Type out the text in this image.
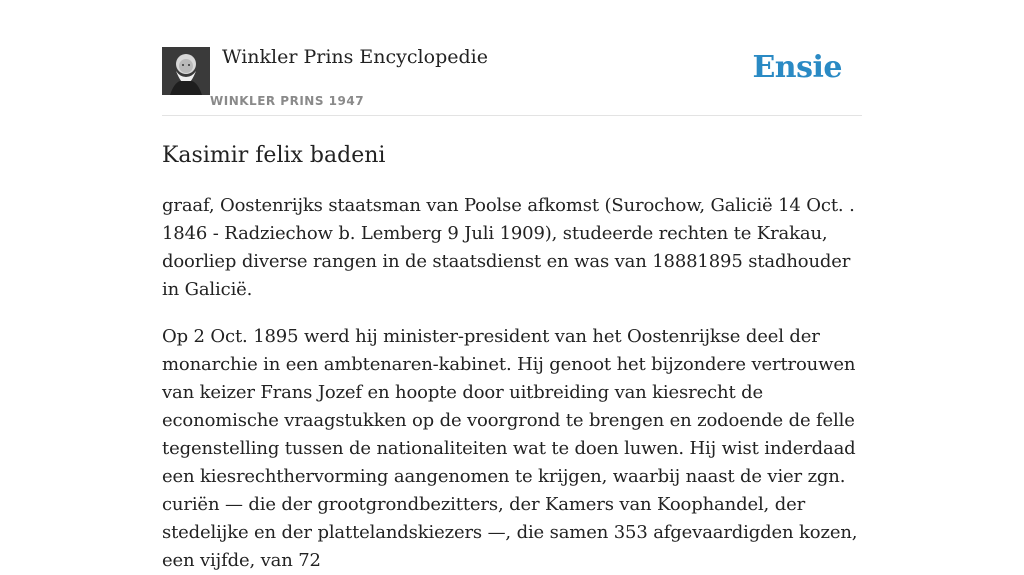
Winkler Prins Encyclopedie
WINKLER PRINS 1947
Ensie
Kasimir felix badeni

graaf, Oostenrijks staatsman van Poolse afkomst (Surochow, Galicië 14 Oct. . 1846 - Radziechow b. Lemberg 9 Juli 1909), studeerde rechten te Krakau, doorliep diverse rangen in de staatsdienst en was van 18881895 stadhouder in Galicië.

Op 2 Oct. 1895 werd hij minister-president van het Oostenrijkse deel der monarchie in een ambtenaren-kabinet. Hij genoot het bijzondere vertrouwen van keizer Frans Jozef en hoopte door uitbreiding van kiesrecht de economische vraagstukken op de voorgrond te brengen en zodoende de felle tegenstelling tussen de nationaliteiten wat te doen luwen. Hij wist inderdaad een kiesrechthervorming aangenomen te krijgen, waarbij naast de vier zgn. curiën — die der grootgrondbezitters, der Kamers van Koophandel, der stedelijke en der plattelandskiezers —, die samen 353 afgevaardigden kozen, een vijfde, van 72
